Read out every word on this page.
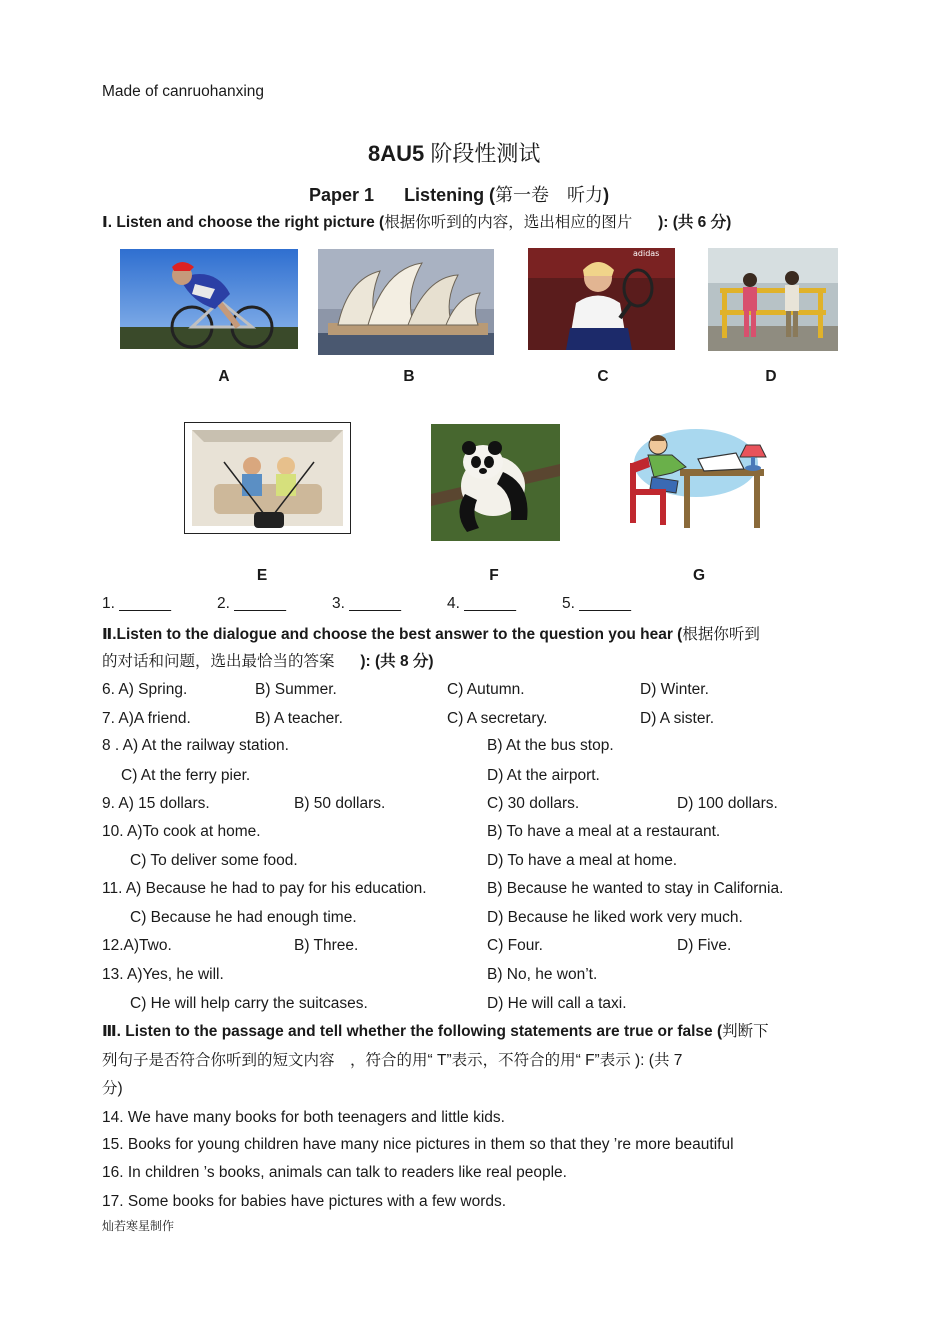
Made of canruohanxing
8AU5 阶段性测试
Paper 1 Listening (第一卷　听力)
Ⅰ. Listen and choose the right picture (根据你听到的内容，选出相应的图片 ): (共 6 分)
adidas
A	B	C	D
E	F	G
1. ______	2. ______	3. ______	4. ______	5. ______
Ⅱ.Listen to the dialogue and choose the best answer to the question you hear (根据你听到
的对话和问题，选出最恰当的答案 ): (共 8 分)
6. A) Spring.	B) Summer.	C) Autumn.	D) Winter.
7. A)A friend.	B) A teacher.	C) A secretary.	D) A sister.
8 . A) At the railway station.	B) At the bus stop.
C) At the ferry pier.	D) At the airport.
9. A) 15 dollars.	B) 50 dollars.	C) 30 dollars.	D) 100 dollars.
10. A)To cook at home.	B) To have a meal at a restaurant.
C) To deliver some food.	D) To have a meal at home.
11. A) Because he had to pay for his education.	B) Because he wanted to stay in California.
C) Because he had enough time.	D) Because he liked work very much.
12.A)Two.	B) Three.	C) Four.	D) Five.
13. A)Yes, he will.	B) No, he won’t.
C) He will help carry the suitcases.	D) He will call a taxi.
Ⅲ. Listen to the passage and tell whether the following statements are true or false (判断下
列句子是否符合你听到的短文内容　，符合的用“ T”表示，不符合的用“ F”表示 ): (共 7
分)
14. We have many books for both teenagers and little kids.
15. Books for young children have many nice pictures in them so that they ’re more beautiful
16. In children ’s books, animals can talk to readers like real people.
17. Some books for babies have pictures with a few words.
灿若寒星制作
